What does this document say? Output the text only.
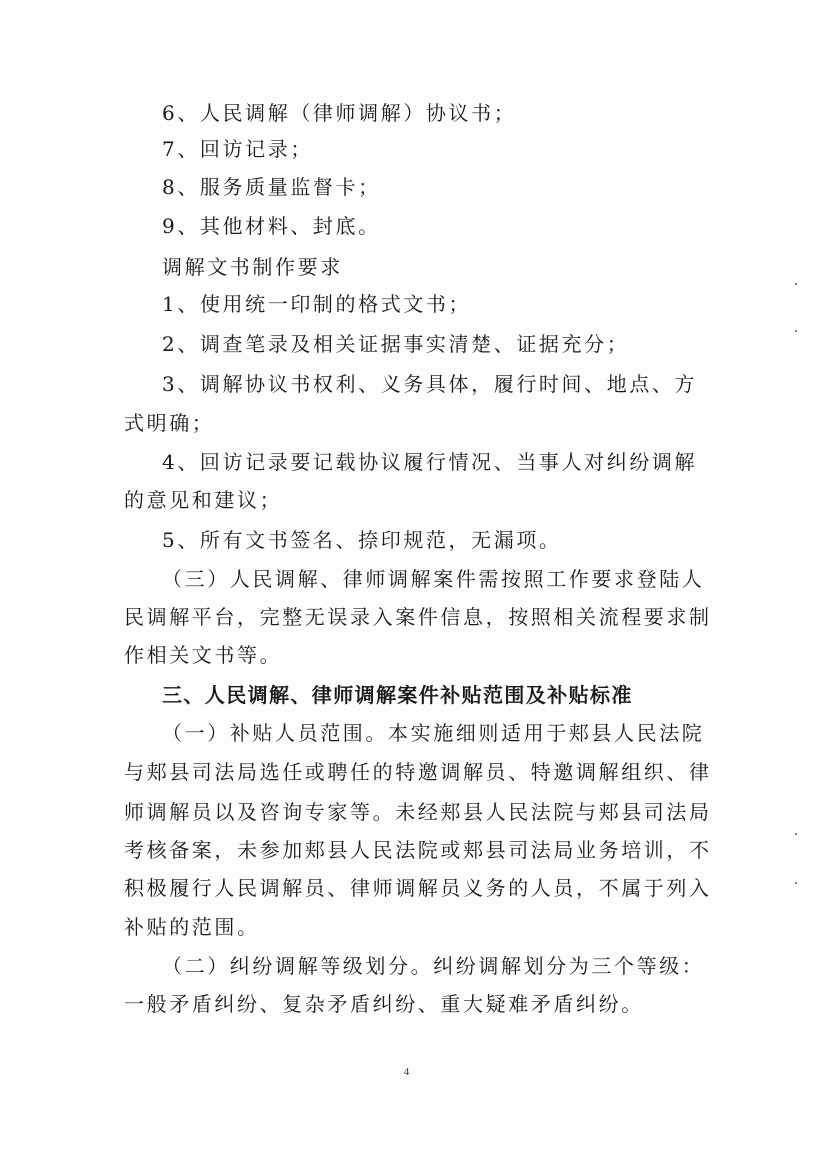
6、人民调解（律师调解）协议书；
7、回访记录；
8、服务质量监督卡；
9、其他材料、封底。
调解文书制作要求
1、使用统一印制的格式文书；
2、调查笔录及相关证据事实清楚、证据充分；
3、调解协议书权利、义务具体，履行时间、地点、方
式明确；
4、回访记录要记载协议履行情况、当事人对纠纷调解
的意见和建议；
5、所有文书签名、捺印规范，无漏项。
（三）人民调解、律师调解案件需按照工作要求登陆人
民调解平台，完整无误录入案件信息，按照相关流程要求制
作相关文书等。
三、人民调解、律师调解案件补贴范围及补贴标准
（一）补贴人员范围。本实施细则适用于郏县人民法院
与郏县司法局选任或聘任的特邀调解员、特邀调解组织、律
师调解员以及咨询专家等。未经郏县人民法院与郏县司法局
考核备案，未参加郏县人民法院或郏县司法局业务培训，不
积极履行人民调解员、律师调解员义务的人员，不属于列入
补贴的范围。
（二）纠纷调解等级划分。纠纷调解划分为三个等级：
一般矛盾纠纷、复杂矛盾纠纷、重大疑难矛盾纠纷。
4
